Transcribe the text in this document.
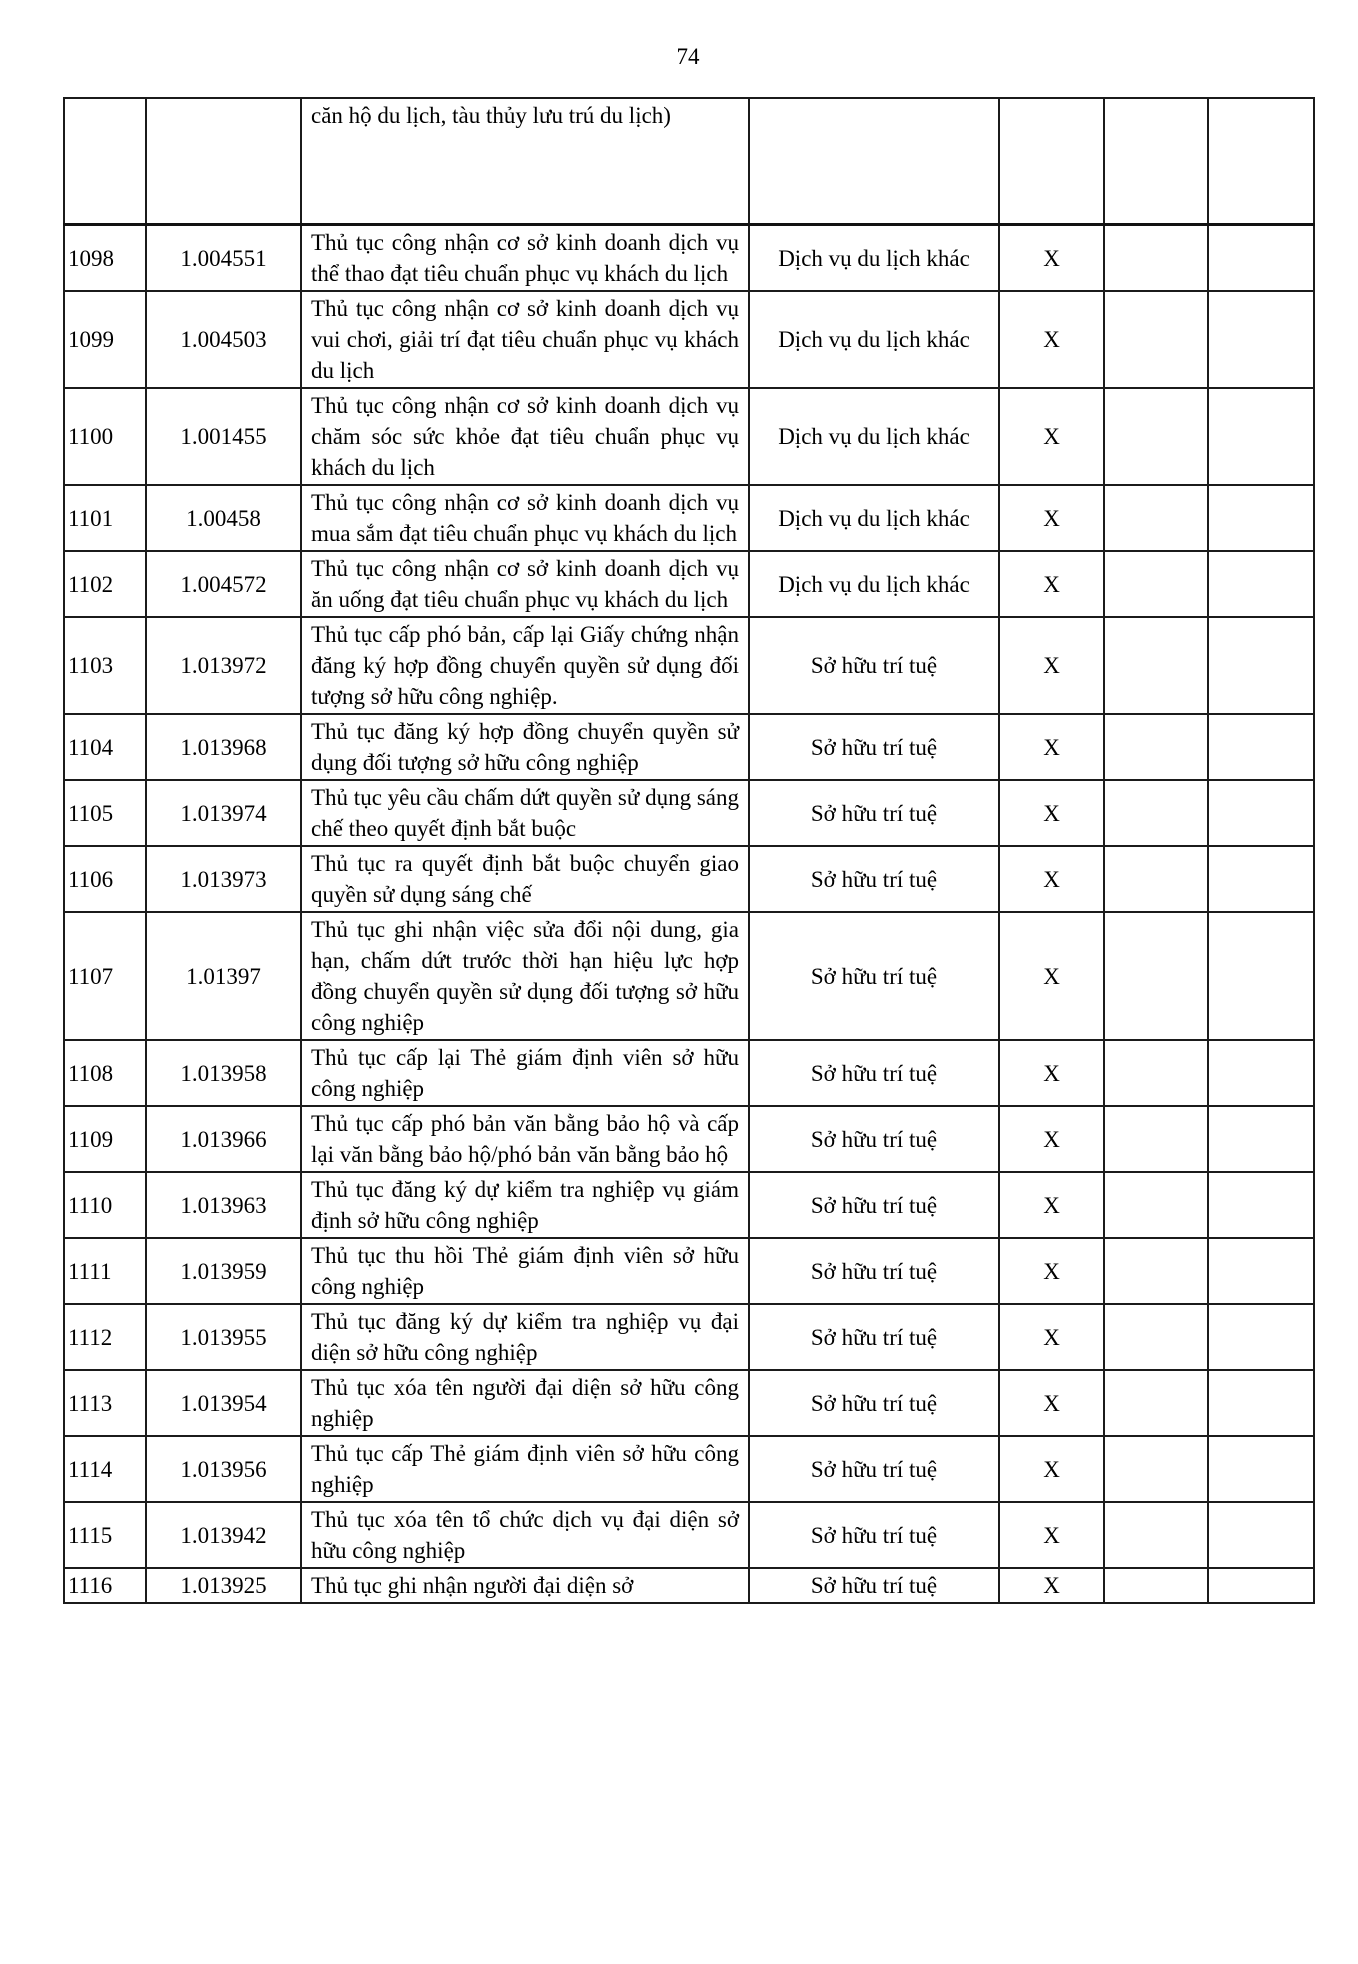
74
		căn hộ du lịch, tàu thủy lưu trú du lịch)				
1098	1.004551	Thủ tục công nhận cơ sở kinh doanh dịch vụ thể thao đạt tiêu chuẩn phục vụ khách du lịch	Dịch vụ du lịch khác	X		
1099	1.004503	Thủ tục công nhận cơ sở kinh doanh dịch vụ vui chơi, giải trí đạt tiêu chuẩn phục vụ khách du lịch	Dịch vụ du lịch khác	X		
1100	1.001455	Thủ tục công nhận cơ sở kinh doanh dịch vụ chăm sóc sức khỏe đạt tiêu chuẩn phục vụ khách du lịch	Dịch vụ du lịch khác	X		
1101	1.00458	Thủ tục công nhận cơ sở kinh doanh dịch vụ mua sắm đạt tiêu chuẩn phục vụ khách du lịch	Dịch vụ du lịch khác	X		
1102	1.004572	Thủ tục công nhận cơ sở kinh doanh dịch vụ ăn uống đạt tiêu chuẩn phục vụ khách du lịch	Dịch vụ du lịch khác	X		
1103	1.013972	Thủ tục cấp phó bản, cấp lại Giấy chứng nhận đăng ký hợp đồng chuyển quyền sử dụng đối tượng sở hữu công nghiệp.	Sở hữu trí tuệ	X		
1104	1.013968	Thủ tục đăng ký hợp đồng chuyển quyền sử dụng đối tượng sở hữu công nghiệp	Sở hữu trí tuệ	X		
1105	1.013974	Thủ tục yêu cầu chấm dứt quyền sử dụng sáng chế theo quyết định bắt buộc	Sở hữu trí tuệ	X		
1106	1.013973	Thủ tục ra quyết định bắt buộc chuyển giao quyền sử dụng sáng chế	Sở hữu trí tuệ	X		
1107	1.01397	Thủ tục ghi nhận việc sửa đổi nội dung, gia hạn, chấm dứt trước thời hạn hiệu lực hợp đồng chuyển quyền sử dụng đối tượng sở hữu công nghiệp	Sở hữu trí tuệ	X		
1108	1.013958	Thủ tục cấp lại Thẻ giám định viên sở hữu công nghiệp	Sở hữu trí tuệ	X		
1109	1.013966	Thủ tục cấp phó bản văn bằng bảo hộ và cấp lại văn bằng bảo hộ/phó bản văn bằng bảo hộ	Sở hữu trí tuệ	X		
1110	1.013963	Thủ tục đăng ký dự kiểm tra nghiệp vụ giám định sở hữu công nghiệp	Sở hữu trí tuệ	X		
1111	1.013959	Thủ tục thu hồi Thẻ giám định viên sở hữu công nghiệp	Sở hữu trí tuệ	X		
1112	1.013955	Thủ tục đăng ký dự kiểm tra nghiệp vụ đại diện sở hữu công nghiệp	Sở hữu trí tuệ	X		
1113	1.013954	Thủ tục xóa tên người đại diện sở hữu công nghiệp	Sở hữu trí tuệ	X		
1114	1.013956	Thủ tục cấp Thẻ giám định viên sở hữu công nghiệp	Sở hữu trí tuệ	X		
1115	1.013942	Thủ tục xóa tên tổ chức dịch vụ đại diện sở hữu công nghiệp	Sở hữu trí tuệ	X		
1116	1.013925	Thủ tục ghi nhận người đại diện sở	Sở hữu trí tuệ	X		
